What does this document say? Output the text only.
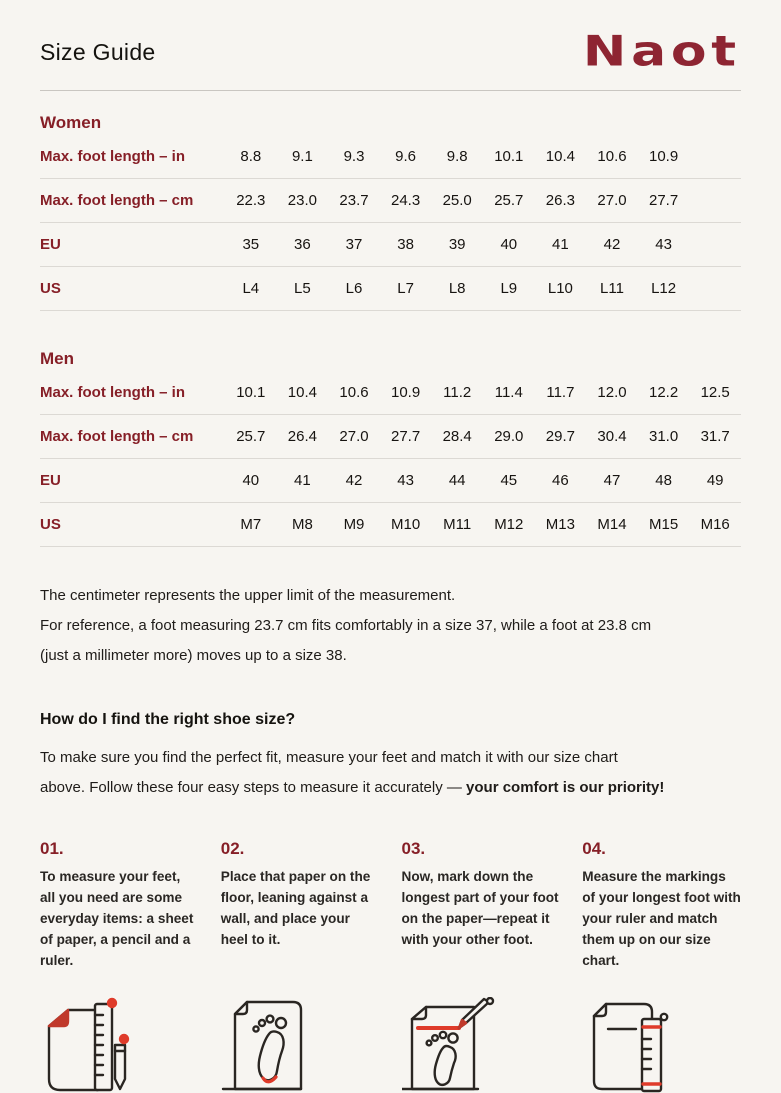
Size Guide	Naot
Women
Max. foot length – in	8.8	9.1	9.3	9.6	9.8	10.1	10.4	10.6	10.9
Max. foot length – cm	22.3	23.0	23.7	24.3	25.0	25.7	26.3	27.0	27.7
EU	35	36	37	38	39	40	41	42	43
US	L4	L5	L6	L7	L8	L9	L10	L11	L12
Men
Max. foot length – in	10.1	10.4	10.6	10.9	11.2	11.4	11.7	12.0	12.2	12.5
Max. foot length – cm	25.7	26.4	27.0	27.7	28.4	29.0	29.7	30.4	31.0	31.7
EU	40	41	42	43	44	45	46	47	48	49
US	M7	M8	M9	M10	M11	M12	M13	M14	M15	M16
The centimeter represents the upper limit of the measurement.
For reference, a foot measuring 23.7 cm fits comfortably in a size 37, while a foot at 23.8 cm
(just a millimeter more) moves up to a size 38.
How do I find the right shoe size?
To make sure you find the perfect fit, measure your feet and match it with our size chart
above. Follow these four easy steps to measure it accurately — your comfort is our priority!
01.
To measure your feet, all you need are some everyday items: a sheet of paper, a pencil and a ruler.
02.
Place that paper on the floor, leaning against a wall, and place your heel to it.
03.
Now, mark down the longest part of your foot on the paper—repeat it with your other foot.
04.
Measure the markings of your longest foot with your ruler and match them up on our size chart.
